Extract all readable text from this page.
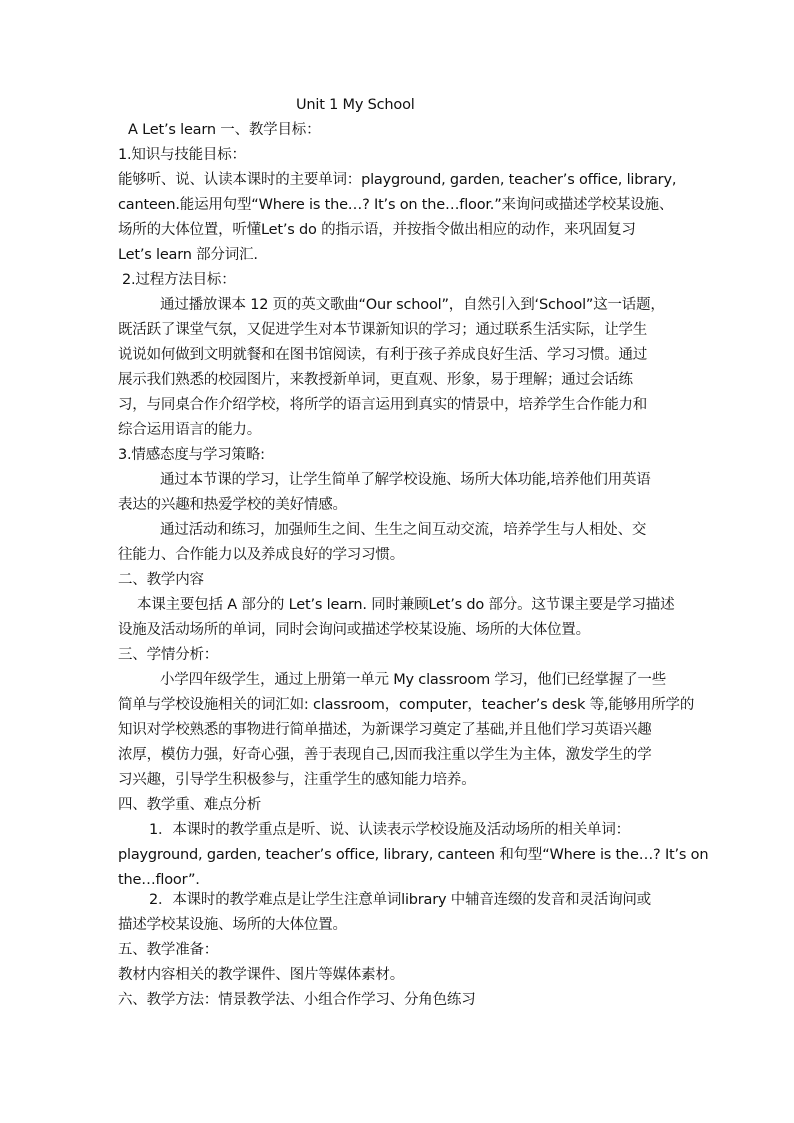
Unit 1 My School
A Let’s learn 一、教学目标：
1.知识与技能目标：
能够听、说、认读本课时的主要单词：playground, garden, teacher’s office, library,
canteen.能运用句型“Where is the…? It’s on the…floor.”来询问或描述学校某设施、
场所的大体位置，听懂Let’s do 的指示语，并按指令做出相应的动作，来巩固复习
Let’s learn 部分词汇.
2.过程方法目标：
通过播放课本 12 页的英文歌曲“Our school”，自然引入到‘School”这一话题，
既活跃了课堂气氛，又促进学生对本节课新知识的学习；通过联系生活实际，让学生
说说如何做到文明就餐和在图书馆阅读，有利于孩子养成良好生活、学习习惯。通过
展示我们熟悉的校园图片，来教授新单词，更直观、形象，易于理解；通过会话练
习，与同桌合作介绍学校，将所学的语言运用到真实的情景中，培养学生合作能力和
综合运用语言的能力。
3.情感态度与学习策略:
通过本节课的学习，让学生简单了解学校设施、场所大体功能,培养他们用英语
表达的兴趣和热爱学校的美好情感。
通过活动和练习，加强师生之间、生生之间互动交流，培养学生与人相处、交
往能力、合作能力以及养成良好的学习习惯。
二、教学内容
本课主要包括 A 部分的 Let’s learn. 同时兼顾Let’s do 部分。这节课主要是学习描述
设施及活动场所的单词，同时会询问或描述学校某设施、场所的大体位置。
三、学情分析：
小学四年级学生，通过上册第一单元 My classroom 学习，他们已经掌握了一些
简单与学校设施相关的词汇如: classroom，computer，teacher’s desk 等,能够用所学的
知识对学校熟悉的事物进行简单描述，为新课学习奠定了基础,并且他们学习英语兴趣
浓厚，模仿力强，好奇心强，善于表现自己,因而我注重以学生为主体，激发学生的学
习兴趣，引导学生积极参与，注重学生的感知能力培养。
四、教学重、难点分析
1．本课时的教学重点是听、说、认读表示学校设施及活动场所的相关单词：
playground, garden, teacher’s office, library, canteen 和句型“Where is the…? It’s on
the…floor”.
2．本课时的教学难点是让学生注意单词library 中辅音连缀的发音和灵活询问或
描述学校某设施、场所的大体位置。
五、教学准备：
教材内容相关的教学课件、图片等媒体素材。
六、教学方法：情景教学法、小组合作学习、分角色练习
